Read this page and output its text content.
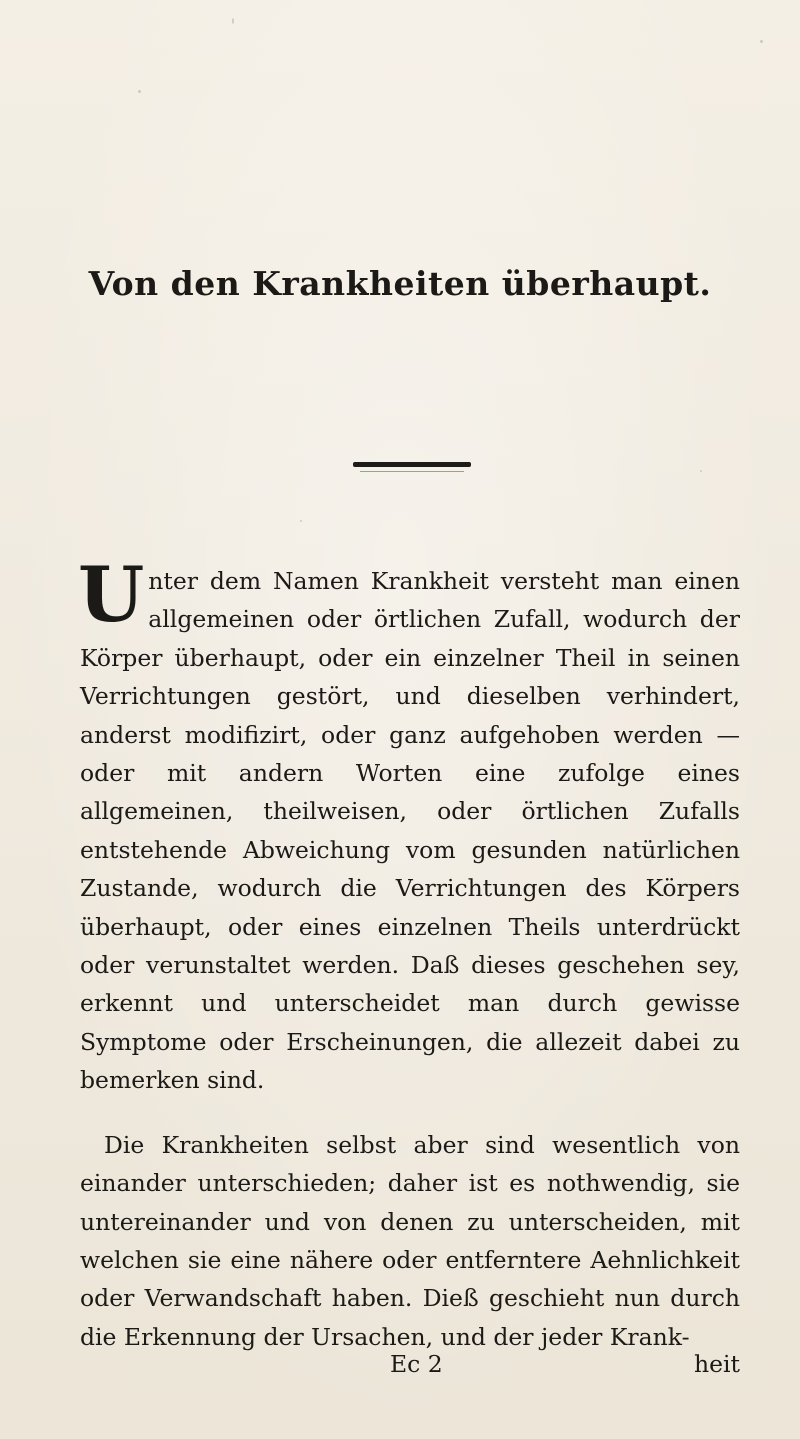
Von den Krankheiten überhaupt.

Unter dem Namen Krankheit versteht man einen allgemeinen oder örtlichen Zufall, wodurch der Körper überhaupt, oder ein einzelner Theil in seinen Verrichtungen gestört, und dieselben verhindert, anderst modifizirt, oder ganz aufgehoben werden — oder mit andern Worten eine zufolge eines allgemeinen, theilweisen, oder örtlichen Zufalls entstehende Abweichung vom gesunden natürlichen Zustande, wodurch die Verrichtungen des Körpers überhaupt, oder eines einzelnen Theils unterdrückt oder verunstaltet werden. Daß dieses geschehen sey, erkennt und unterscheidet man durch gewisse Symptome oder Erscheinungen, die allezeit dabei zu bemerken sind.

Die Krankheiten selbst aber sind wesentlich von einander unterschieden; daher ist es nothwendig, sie untereinander und von denen zu unterscheiden, mit welchen sie eine nähere oder entferntere Aehnlichkeit oder Verwandschaft haben. Dieß geschieht nun durch die Erkennung der Ursachen, und der jeder Krank-

Ec 2	heit
